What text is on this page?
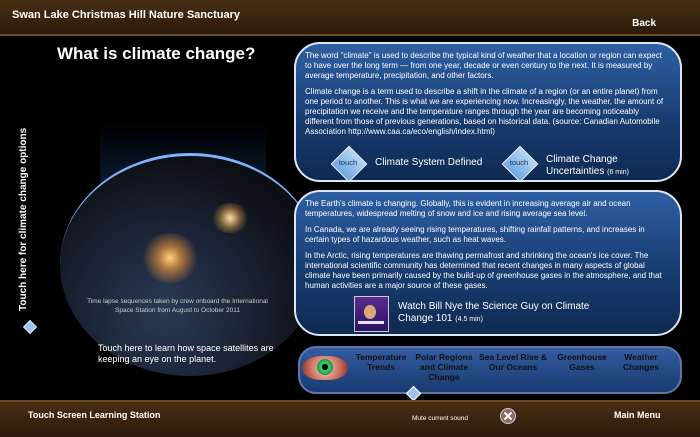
Swan Lake Christmas Hill Nature Sanctuary
Back
What is climate change?
Touch here for climate change options	Time lapse sequences taken by crew onboard the International Space Station from August to October 2011
Touch here to learn how space satellites are keeping an eye on the planet.

The word "climate" is used to describe the typical kind of weather that a location or region can expect to have over the long term — from one year, decade or even century to the next. It is measured by average temperature, precipitation, and other factors.

Climate change is a term used to describe a shift in the climate of a region (or an entire planet) from one period to another. This is what we are experiencing now. Increasingly, the weather, the amount of precipitation we receive and the temperature ranges through the year are becoming noticeably different from those of previous generations, based on historical data. (source: Canadian Automobile Association http://www.caa.ca/eco/english/index.html)

touch	Climate System Defined	touch	Climate Change Uncertainties (6 min)

The Earth's climate is changing. Globally, this is evident in increasing average air and ocean temperatures, widespread melting of snow and ice and rising average sea level.

In Canada, we are already seeing rising temperatures, shifting rainfall patterns, and increases in certain types of hazardous weather, such as heat waves.

In the Arctic, rising temperatures are thawing permafrost and shrinking the ocean's ice cover. The international scientific community has determined that recent changes in many aspects of global climate have been primarily caused by the build-up of greenhouse gases in the atmosphere, and that human activities are a major source of these gases.

Watch Bill Nye the Science Guy on Climate Change 101 (4.5 min)
Temperature Trends
Polar Regions and Climate Change
Sea Level Rise & Our Oceans
Greenhouse Gases
Weather Changes
Touch Screen Learning Station	Mute current sound	Main Menu
